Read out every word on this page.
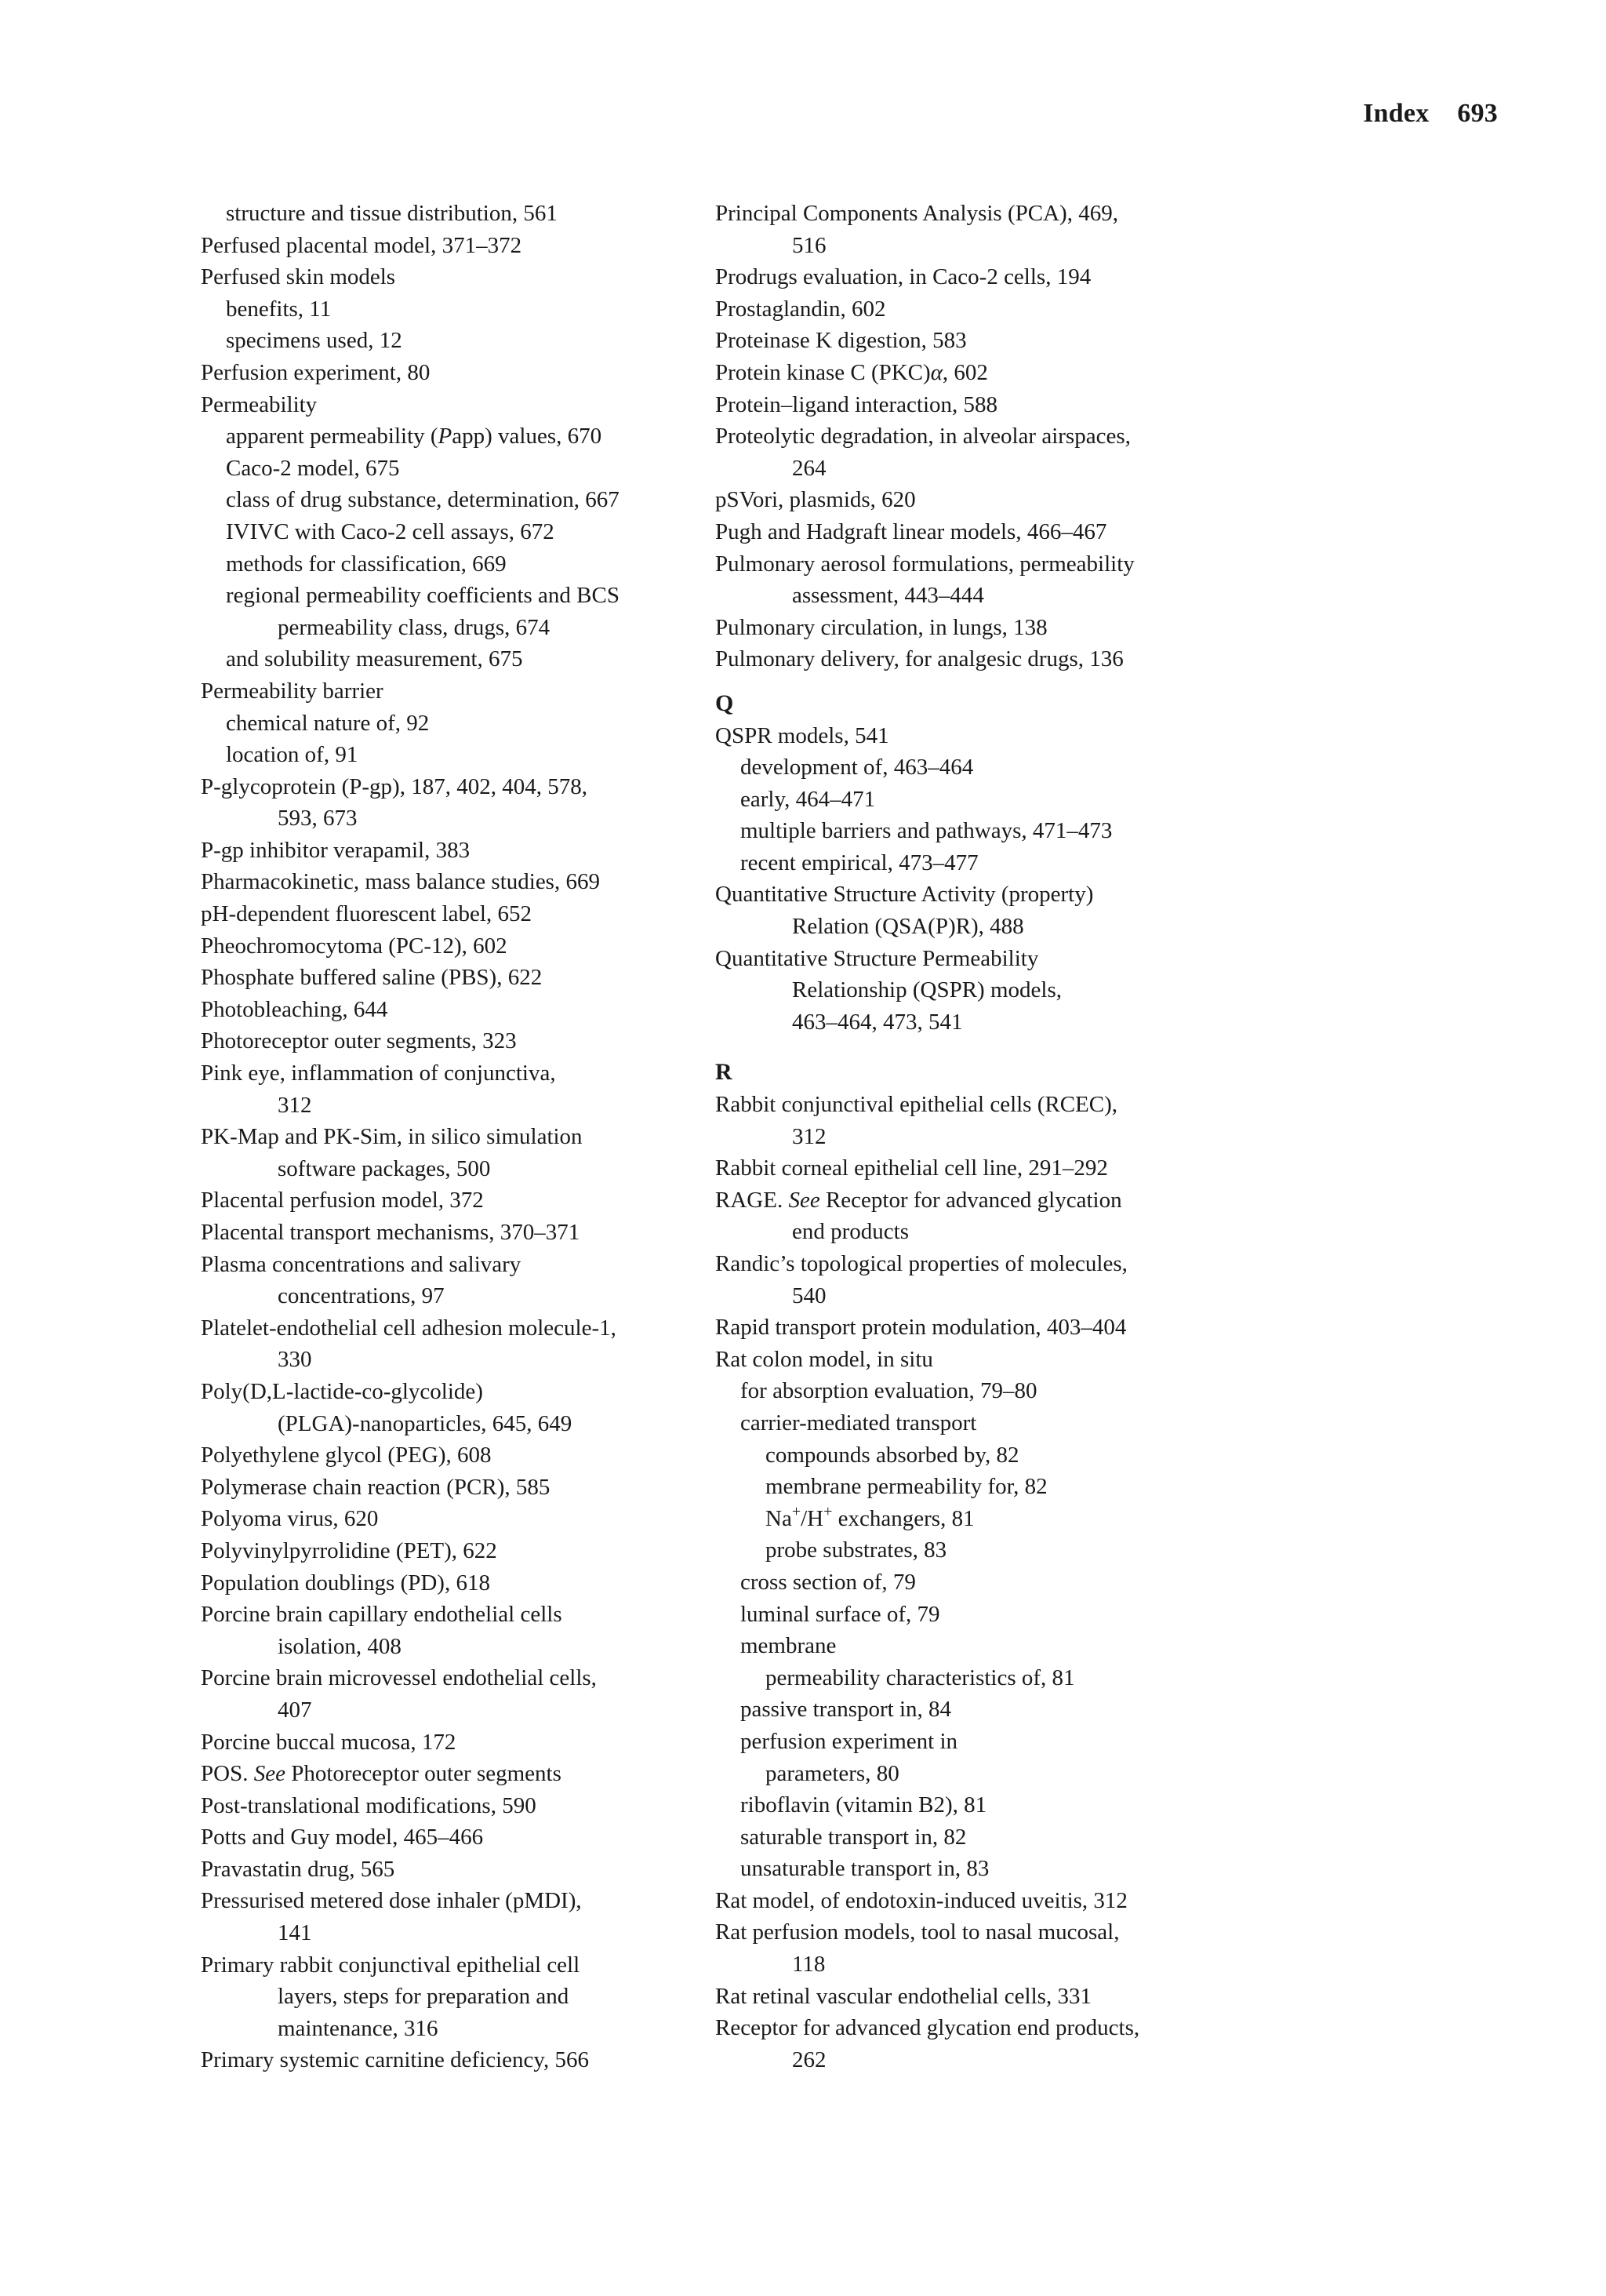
Index 693
structure and tissue distribution, 561
Perfused placental model, 371–372
Perfused skin models
benefits, 11
specimens used, 12
Perfusion experiment, 80
Permeability
apparent permeability (Papp) values, 670
Caco-2 model, 675
class of drug substance, determination, 667
IVIVC with Caco-2 cell assays, 672
methods for classification, 669
regional permeability coefficients and BCS
permeability class, drugs, 674
and solubility measurement, 675
Permeability barrier
chemical nature of, 92
location of, 91
P-glycoprotein (P-gp), 187, 402, 404, 578,
593, 673
P-gp inhibitor verapamil, 383
Pharmacokinetic, mass balance studies, 669
pH-dependent fluorescent label, 652
Pheochromocytoma (PC-12), 602
Phosphate buffered saline (PBS), 622
Photobleaching, 644
Photoreceptor outer segments, 323
Pink eye, inflammation of conjunctiva,
312
PK-Map and PK-Sim, in silico simulation
software packages, 500
Placental perfusion model, 372
Placental transport mechanisms, 370–371
Plasma concentrations and salivary
concentrations, 97
Platelet-endothelial cell adhesion molecule-1,
330
Poly(D,L-lactide-co-glycolide)
(PLGA)-nanoparticles, 645, 649
Polyethylene glycol (PEG), 608
Polymerase chain reaction (PCR), 585
Polyoma virus, 620
Polyvinylpyrrolidine (PET), 622
Population doublings (PD), 618
Porcine brain capillary endothelial cells
isolation, 408
Porcine brain microvessel endothelial cells,
407
Porcine buccal mucosa, 172
POS. See Photoreceptor outer segments
Post-translational modifications, 590
Potts and Guy model, 465–466
Pravastatin drug, 565
Pressurised metered dose inhaler (pMDI),
141
Primary rabbit conjunctival epithelial cell
layers, steps for preparation and
maintenance, 316
Primary systemic carnitine deficiency, 566
Principal Components Analysis (PCA), 469,
516
Prodrugs evaluation, in Caco-2 cells, 194
Prostaglandin, 602
Proteinase K digestion, 583
Protein kinase C (PKC)α, 602
Protein–ligand interaction, 588
Proteolytic degradation, in alveolar airspaces,
264
pSVori, plasmids, 620
Pugh and Hadgraft linear models, 466–467
Pulmonary aerosol formulations, permeability
assessment, 443–444
Pulmonary circulation, in lungs, 138
Pulmonary delivery, for analgesic drugs, 136
Q
QSPR models, 541
development of, 463–464
early, 464–471
multiple barriers and pathways, 471–473
recent empirical, 473–477
Quantitative Structure Activity (property)
Relation (QSA(P)R), 488
Quantitative Structure Permeability
Relationship (QSPR) models,
463–464, 473, 541
R
Rabbit conjunctival epithelial cells (RCEC),
312
Rabbit corneal epithelial cell line, 291–292
RAGE. See Receptor for advanced glycation
end products
Randic’s topological properties of molecules,
540
Rapid transport protein modulation, 403–404
Rat colon model, in situ
for absorption evaluation, 79–80
carrier-mediated transport
compounds absorbed by, 82
membrane permeability for, 82
Na+/H+ exchangers, 81
probe substrates, 83
cross section of, 79
luminal surface of, 79
membrane
permeability characteristics of, 81
passive transport in, 84
perfusion experiment in
parameters, 80
riboflavin (vitamin B2), 81
saturable transport in, 82
unsaturable transport in, 83
Rat model, of endotoxin-induced uveitis, 312
Rat perfusion models, tool to nasal mucosal,
118
Rat retinal vascular endothelial cells, 331
Receptor for advanced glycation end products,
262
